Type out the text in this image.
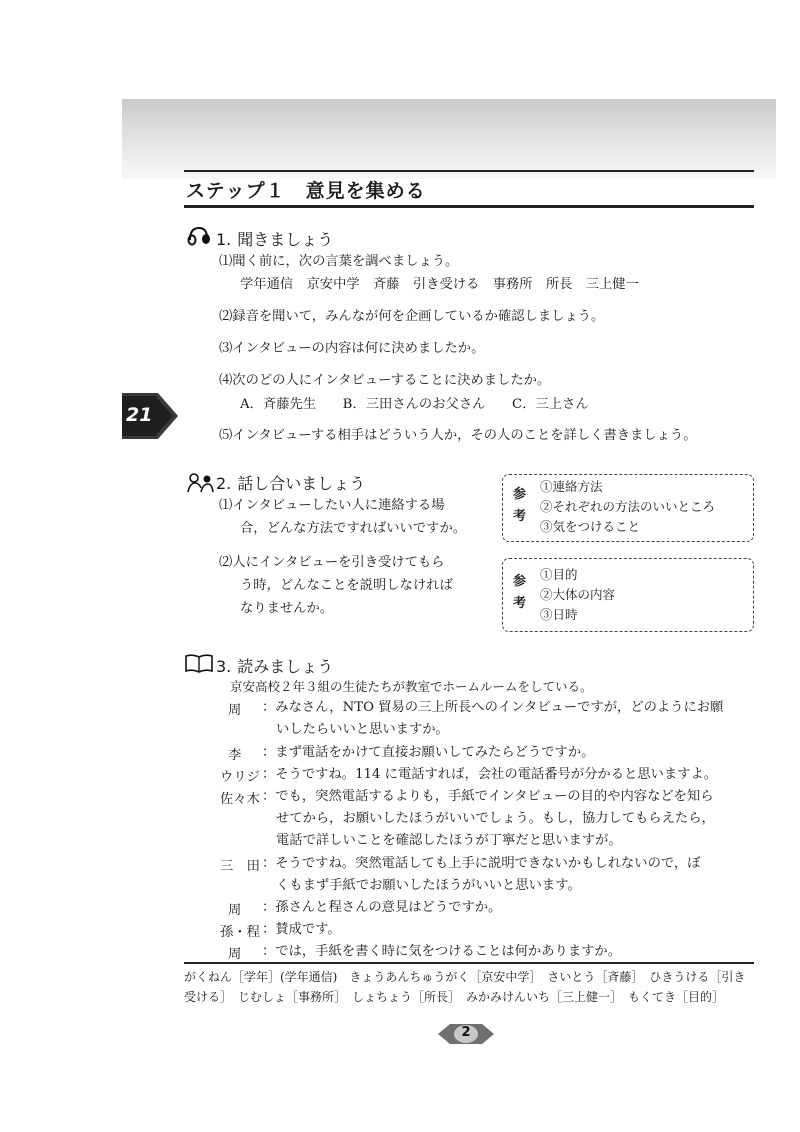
ステップ１　意見を集める
21
1. 聞きましょう
⑴聞く前に，次の言葉を調べましょう。
学年通信　京安中学　斉藤　引き受ける　事務所　所長　三上健一
⑵録音を聞いて，みんなが何を企画しているか確認しましょう。
⑶インタビューの内容は何に決めましたか。
⑷次のどの人にインタビューすることに決めましたか。
A．斉藤先生　　B．三田さんのお父さん　　C．三上さん
⑸インタビューする相手はどういう人か，その人のことを詳しく書きましょう。
2. 話し合いましょう
⑴インタビューしたい人に連絡する場
合，どんな方法ですればいいですか。
⑵人にインタビューを引き受けてもら
う時，どんなことを説明しなければ
なりませんか。
参
考
①連絡方法
②それぞれの方法のいいところ
③気をつけること
参
考
①目的
②大体の内容
③日時
3. 読みましょう
京安高校２年３組の生徒たちが教室でホームルームをしている。
周 ：みなさん，NTO 貿易の三上所長へのインタビューですが，どのようにお願
いしたらいいと思いますか。
李 ：まず電話をかけて直接お願いしてみたらどうですか。
ウリジ ：そうですね。114 に電話すれば，会社の電話番号が分かると思いますよ。
佐々木 ：でも，突然電話するよりも，手紙でインタビューの目的や内容などを知ら
せてから，お願いしたほうがいいでしょう。もし，協力してもらえたら，
電話で詳しいことを確認したほうが丁寧だと思いますが。
三　田 ：そうですね。突然電話しても上手に説明できないかもしれないので，ぼ
くもまず手紙でお願いしたほうがいいと思います。
周 ：孫さんと程さんの意見はどうですか。
孫・程 ：賛成です。
周 ：では，手紙を書く時に気をつけることは何かありますか。
がくねん［学年］(学年通信)　きょうあんちゅうがく［京安中学］　さいとう［斉藤］　ひきうける［引き
受ける］　じむしょ［事務所］　しょちょう［所長］　みかみけんいち［三上健一］　もくてき［目的］
2
